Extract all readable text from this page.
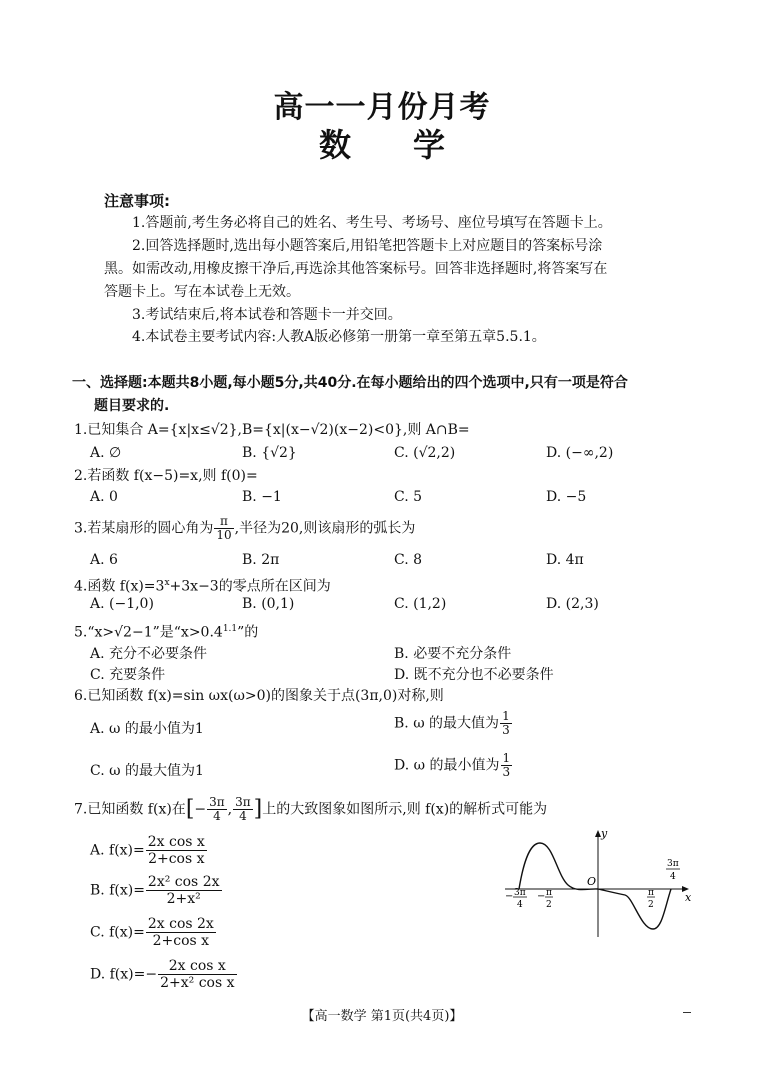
高一一月份月考
数 学
注意事项:
1.答题前,考生务必将自己的姓名、考生号、考场号、座位号填写在答题卡上。
2.回答选择题时,选出每小题答案后,用铅笔把答题卡上对应题目的答案标号涂
黑。如需改动,用橡皮擦干净后,再选涂其他答案标号。回答非选择题时,将答案写在
答题卡上。写在本试卷上无效。
3.考试结束后,将本试卷和答题卡一并交回。
4.本试卷主要考试内容:人教A版必修第一册第一章至第五章5.5.1。
一、选择题:本题共8小题,每小题5分,共40分.在每小题给出的四个选项中,只有一项是符合
题目要求的.
1.已知集合 A={x|x≤√2},B={x|(x−√2)(x−2)<0},则 A∩B=
A. ∅	B. {√2}	C. (√2,2)	D. (−∞,2)
2.若函数 f(x−5)=x,则 f(0)=
A. 0	B. −1	C. 5	D. −5
3.若某扇形的圆心角为 $\frac{\pi}{10}$ ,半径为20,则该扇形的弧长为
A. 6	B. 2π	C. 8	D. 4π
4.函数 $f(x)=3^x+3x-3$的零点所在区间为
A. (−1,0)	B. (0,1)	C. (1,2)	D. (2,3)
5.“x>√2−1”是“$x>0.4^{1.1}$”的
A. 充分不必要条件	B. 必要不充分条件
C. 充要条件	D. 既不充分也不必要条件
6.已知函数 f(x)=sin ωx(ω>0)的图象关于点(3π,0)对称,则
A. ω 的最小值为1	B. ω 的最大值为 $\frac{1}{3}$
C. ω 的最大值为1	D. ω 的最小值为 $\frac{1}{3}$
7.已知函数 f(x)在[− $\frac{3\pi}{4}$ , $\frac{3\pi}{4}$ ]上的大致图象如图所示,则 f(x)的解析式可能为
A. $f(x)= \frac{\text{2x cos x}}{\text{2+cos x}}$
B. $f(x)= \frac{\text{2x² cos 2x}}{\text{2+x²}}$
C. $f(x)= \frac{\text{2x cos 2x}}{\text{2+cos x}}$
D. $f(x)=- \frac{\text{2x cos x}}{\text{2+x² cos x}}$
y
x
O
− 3π
4
− π
2
π
2
3π
4
【高一数学 第1页(共4页)】
